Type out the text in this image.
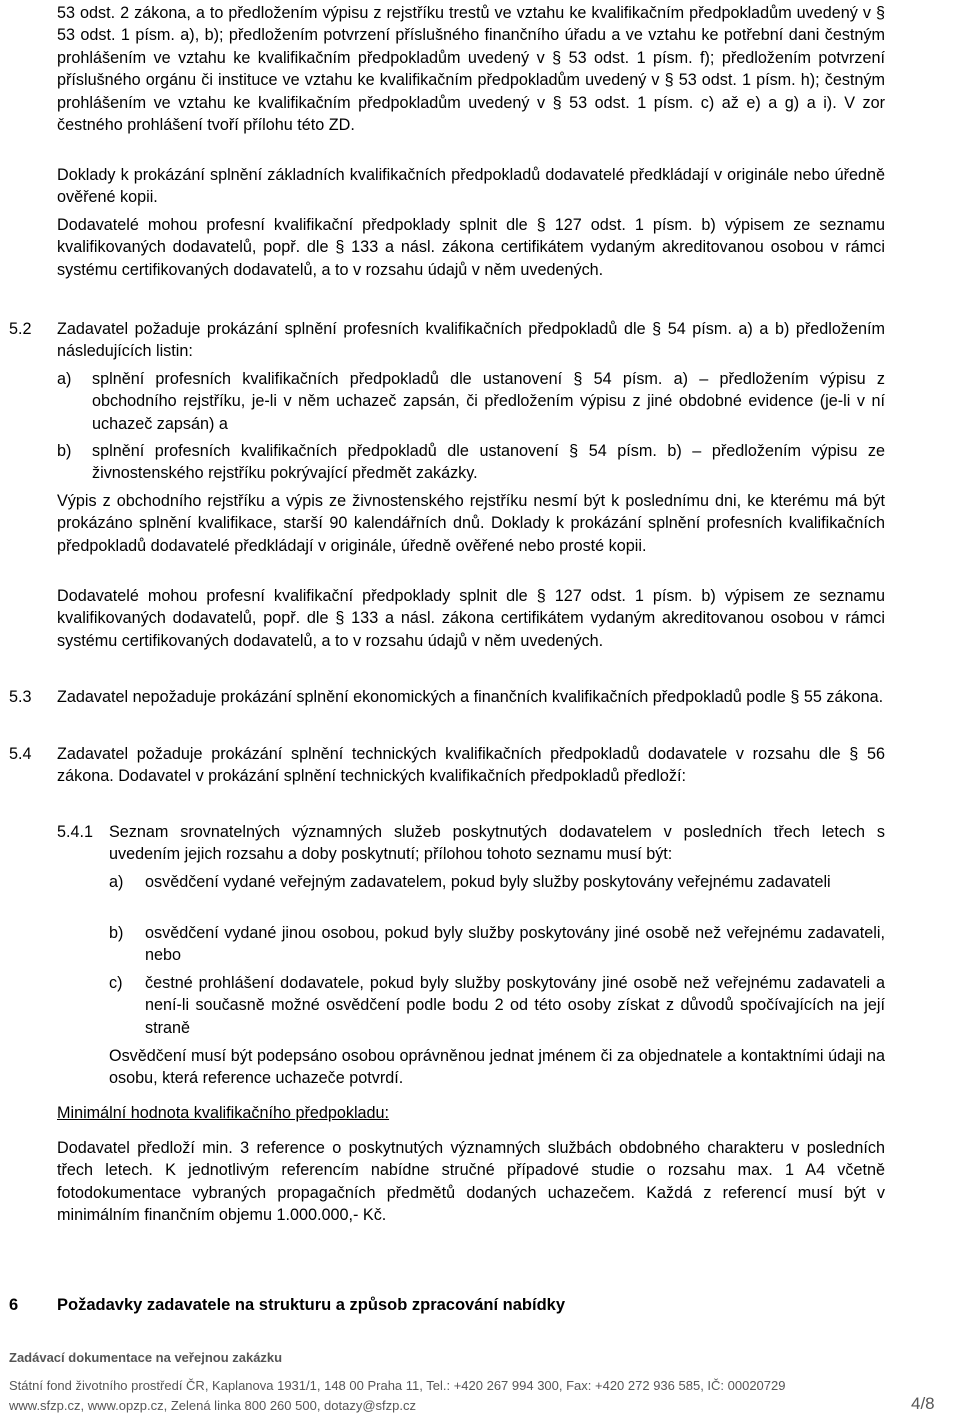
53 odst. 2 zákona, a to předložením výpisu z rejstříku trestů ve vztahu ke kvalifikačním předpokladům uvedený v § 53 odst. 1 písm. a), b); předložením potvrzení příslušného finančního úřadu a ve vztahu ke potřební dani čestným prohlášením ve vztahu ke kvalifikačním předpokladům uvedený v § 53 odst. 1 písm. f); předložením potvrzení příslušného orgánu či instituce ve vztahu ke kvalifikačním předpokladům uvedený v § 53 odst. 1 písm. h); čestným prohlášením ve vztahu ke kvalifikačním předpokladům uvedený v § 53 odst. 1 písm. c) až e) a g) a i). V zor čestného prohlášení tvoří přílohu této ZD.

Doklady k prokázání splnění základních kvalifikačních předpokladů dodavatelé předkládají v originále nebo úředně ověřené kopii.

Dodavatelé mohou profesní kvalifikační předpoklady splnit dle § 127 odst. 1 písm. b) výpisem ze seznamu kvalifikovaných dodavatelů, popř. dle § 133 a násl. zákona certifikátem vydaným akreditovanou osobou v rámci systému certifikovaných dodavatelů, a to v rozsahu údajů v něm uvedených.

5.2 Zadavatel požaduje prokázání splnění profesních kvalifikačních předpokladů dle § 54 písm. a) a b) předložením následujících listin:

a) splnění profesních kvalifikačních předpokladů dle ustanovení § 54 písm. a) – předložením výpisu z obchodního rejstříku, je-li v něm uchazeč zapsán, či předložením výpisu z jiné obdobné evidence (je-li v ní uchazeč zapsán) a

b) splnění profesních kvalifikačních předpokladů dle ustanovení § 54 písm. b) – předložením výpisu ze živnostenského rejstříku pokrývající předmět zakázky.

Výpis z obchodního rejstříku a výpis ze živnostenského rejstříku nesmí být k poslednímu dni, ke kterému má být prokázáno splnění kvalifikace, starší 90 kalendářních dnů. Doklady k prokázání splnění profesních kvalifikačních předpokladů dodavatelé předkládají v originále, úředně ověřené nebo prosté kopii.

Dodavatelé mohou profesní kvalifikační předpoklady splnit dle § 127 odst. 1 písm. b) výpisem ze seznamu kvalifikovaných dodavatelů, popř. dle § 133 a násl. zákona certifikátem vydaným akreditovanou osobou v rámci systému certifikovaných dodavatelů, a to v rozsahu údajů v něm uvedených.

5.3 Zadavatel nepožaduje prokázání splnění ekonomických a finančních kvalifikačních předpokladů podle § 55 zákona.

5.4 Zadavatel požaduje prokázání splnění technických kvalifikačních předpokladů dodavatele v rozsahu dle § 56 zákona. Dodavatel v prokázání splnění technických kvalifikačních předpokladů předloží:

5.4.1 Seznam srovnatelných významných služeb poskytnutých dodavatelem v posledních třech letech s uvedením jejich rozsahu a doby poskytnutí; přílohou tohoto seznamu musí být:

a) osvědčení vydané veřejným zadavatelem, pokud byly služby poskytovány veřejnému zadavateli

b) osvědčení vydané jinou osobou, pokud byly služby poskytovány jiné osobě než veřejnému zadavateli, nebo

c) čestné prohlášení dodavatele, pokud byly služby poskytovány jiné osobě než veřejnému zadavateli a není-li současně možné osvědčení podle bodu 2 od této osoby získat z důvodů spočívajících na její straně

Osvědčení musí být podepsáno osobou oprávněnou jednat jménem či za objednatele a kontaktními údaji na osobu, která reference uchazeče potvrdí.

Minimální hodnota kvalifikačního předpokladu:

Dodavatel předloží min. 3 reference o poskytnutých významných službách obdobného charakteru v posledních třech letech. K jednotlivým referencím nabídne stručné případové studie o rozsahu max. 1 A4 včetně fotodokumentace vybraných propagačních předmětů dodaných uchazečem. Každá z referencí musí být v minimálním finančním objemu 1.000.000,- Kč.

6 Požadavky zadavatele na strukturu a způsob zpracování nabídky
Zadávací dokumentace na veřejnou zakázku
Státní fond životního prostředí ČR, Kaplanova 1931/1, 148 00 Praha 11, Tel.: +420 267 994 300, Fax: +420 272 936 585, IČ: 00020729
www.sfzp.cz, www.opzp.cz, Zelená linka 800 260 500, dotazy@sfzp.cz	4/8
